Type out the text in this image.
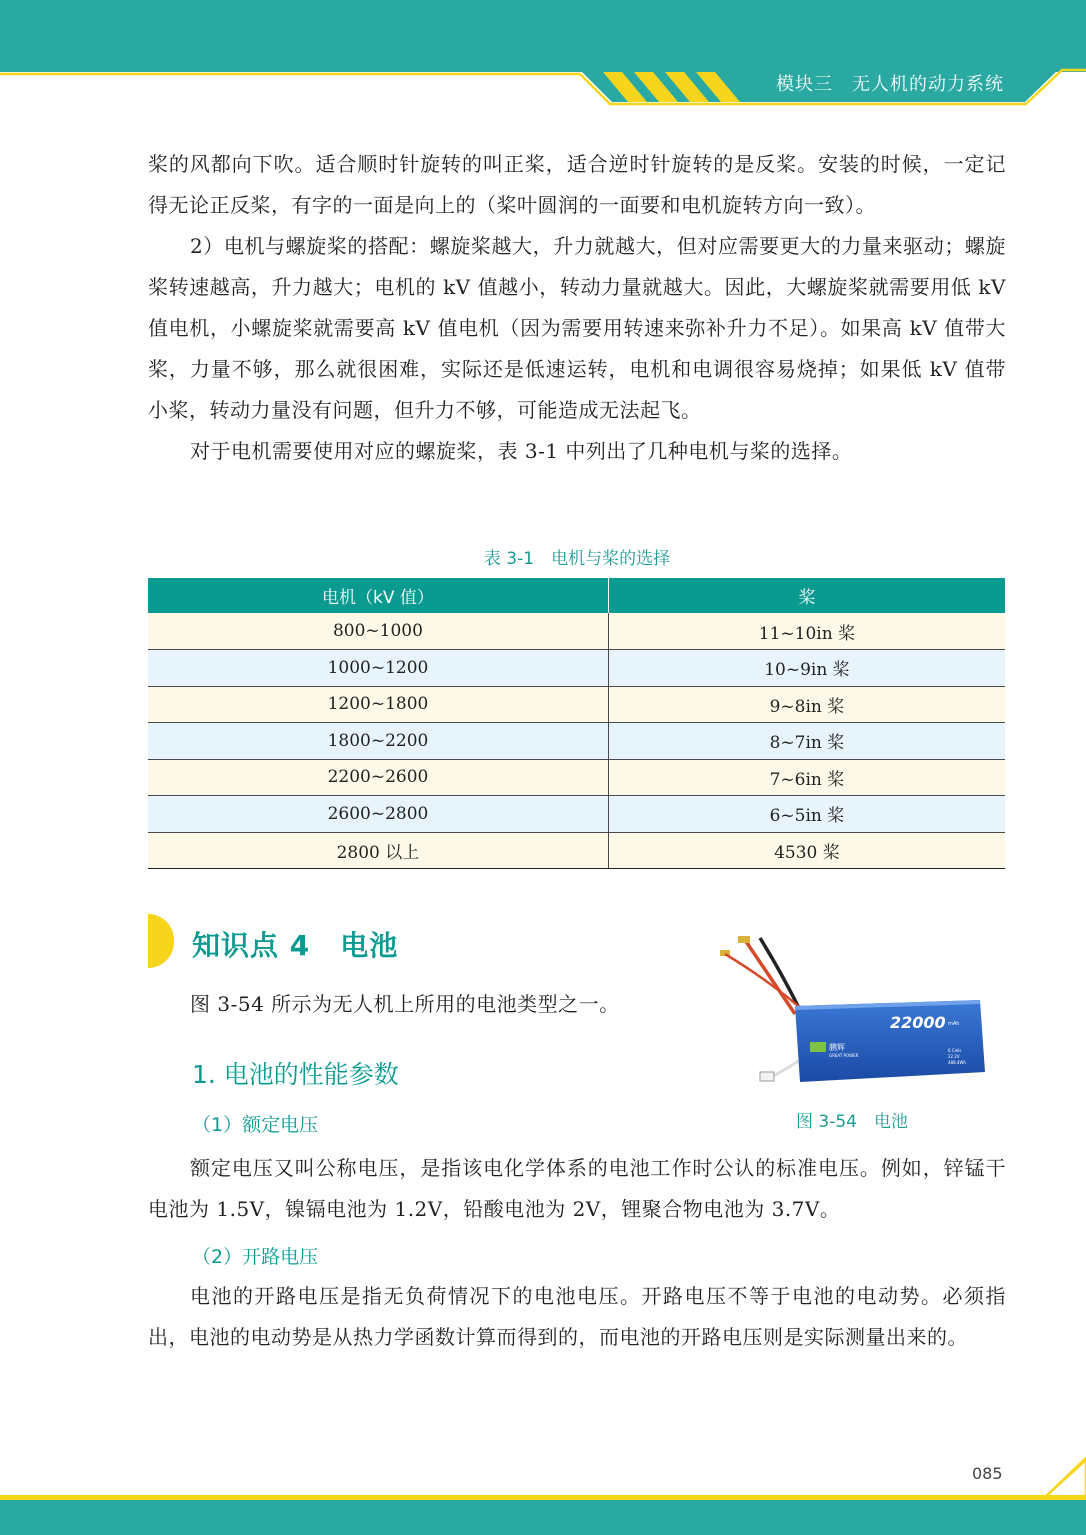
模块三　无人机的动力系统

桨的风都向下吹。适合顺时针旋转的叫正桨，适合逆时针旋转的是反桨。安装的时候，一定记得无论正反桨，有字的一面是向上的（桨叶圆润的一面要和电机旋转方向一致）。

2）电机与螺旋桨的搭配：螺旋桨越大，升力就越大，但对应需要更大的力量来驱动；螺旋桨转速越高，升力越大；电机的 kV 值越小，转动力量就越大。因此，大螺旋桨就需要用低 kV 值电机，小螺旋桨就需要高 kV 值电机（因为需要用转速来弥补升力不足）。如果高 kV 值带大桨，力量不够，那么就很困难，实际还是低速运转，电机和电调很容易烧掉；如果低 kV 值带小桨，转动力量没有问题，但升力不够，可能造成无法起飞。

对于电机需要使用对应的螺旋桨，表 3-1 中列出了几种电机与桨的选择。

表 3-1　电机与桨的选择
电机（kV 值）	桨
800~1000	11~10in 桨
1000~1200	10~9in 桨
1200~1800	9~8in 桨
1800~2200	8~7in 桨
2200~2600	7~6in 桨
2600~2800	6~5in 桨
2800 以上	4530 桨
知识点 4 电池

图 3-54 所示为无人机上所用的电池类型之一。

1. 电池的性能参数
（1）额定电压
22000 mAh
鹏辉
GREAT POWER
6 Cells
22.2V
488.4Wh
图 3-54　电池

额定电压又叫公称电压，是指该电化学体系的电池工作时公认的标准电压。例如，锌锰干电池为 1.5V，镍镉电池为 1.2V，铅酸电池为 2V，锂聚合物电池为 3.7V。

（2）开路电压

电池的开路电压是指无负荷情况下的电池电压。开路电压不等于电池的电动势。必须指出，电池的电动势是从热力学函数计算而得到的，而电池的开路电压则是实际测量出来的。

085
